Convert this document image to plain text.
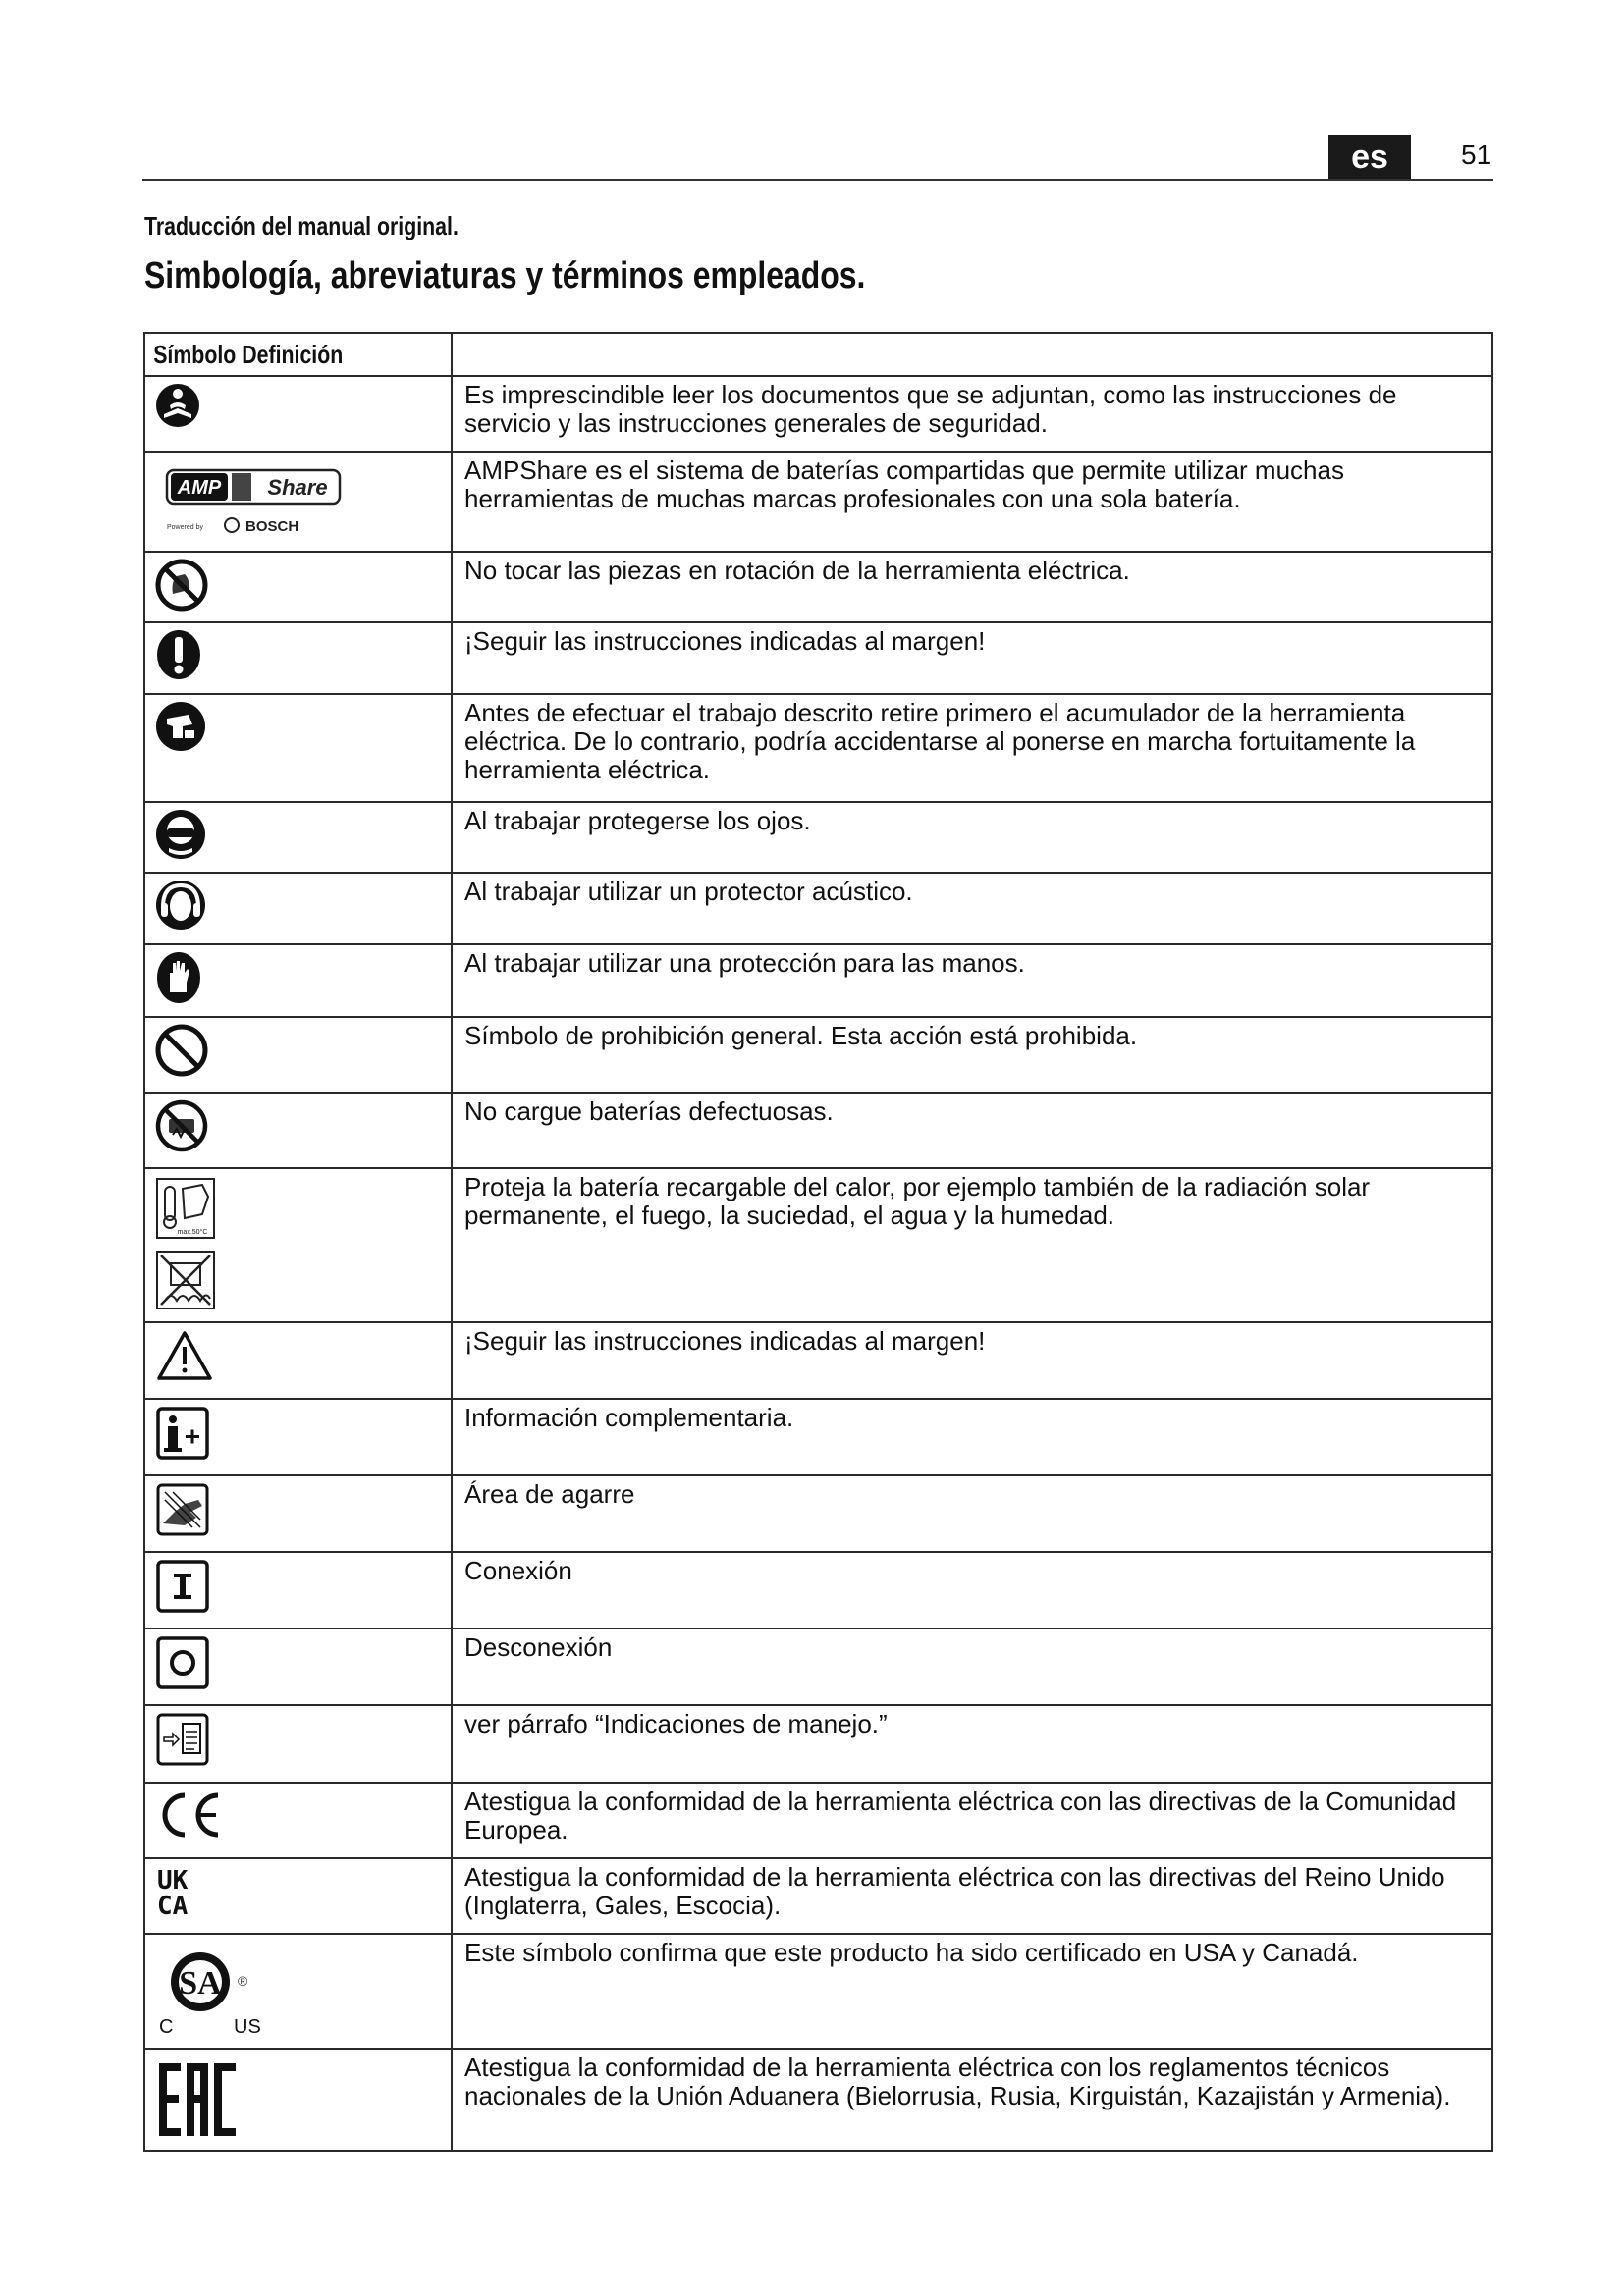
es	51
Traducción del manual original.
Simbología, abreviaturas y términos empleados.
Símbolo Definición	

	Es imprescindible leer los documentos que se adjuntan, como las instrucciones de servicio y las instrucciones generales de seguridad.

AMP Share
Powered by BOSCH	AMPShare es el sistema de baterías compartidas que permite utilizar muchas herramientas de muchas marcas profesionales con una sola batería.

	No tocar las piezas en rotación de la herramienta eléctrica.

	¡Seguir las instrucciones indicadas al margen!

	Antes de efectuar el trabajo descrito retire primero el acumulador de la herramienta eléctrica. De lo contrario, podría accidentarse al ponerse en marcha fortuitamente la herramienta eléctrica.

	Al trabajar protegerse los ojos.

	Al trabajar utilizar un protector acústico.

	Al trabajar utilizar una protección para las manos.

	Símbolo de prohibición general. Esta acción está prohibida.

	No cargue baterías defectuosas.

max.50°C	Proteja la batería recargable del calor, por ejemplo también de la radiación solar permanente, el fuego, la suciedad, el agua y la humedad.

	¡Seguir las instrucciones indicadas al margen!

	Información complementaria.

	Área de agarre

	Conexión

	Desconexión

	ver párrafo “Indicaciones de manejo.”

	Atestigua la conformidad de la herramienta eléctrica con las directivas de la Comunidad Europea.

UK
CA	Atestigua la conformidad de la herramienta eléctrica con las directivas del Reino Unido (Inglaterra, Gales, Escocia).

SA ®
C US	Este símbolo confirma que este producto ha sido certificado en USA y Canadá.

	Atestigua la conformidad de la herramienta eléctrica con los reglamentos técnicos nacionales de la Unión Aduanera (Bielorrusia, Rusia, Kirguistán, Kazajistán y Armenia).
